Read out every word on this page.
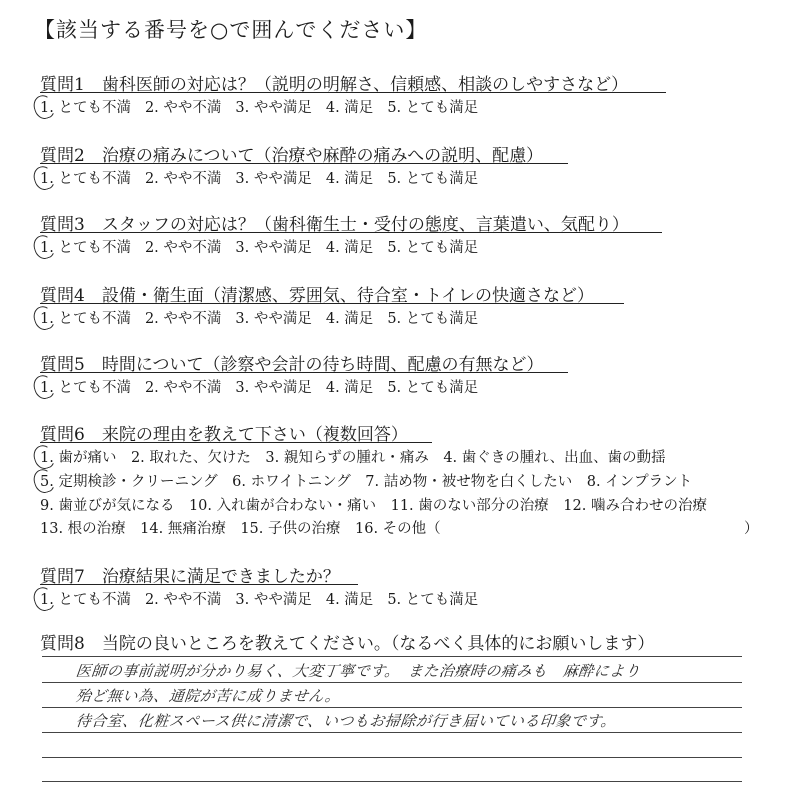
【該当する番号を○で囲んでください】
質問1　歯科医師の対応は？（説明の明解さ、信頼感、相談のしやすさなど）
1. とても不満 2. やや不満 3. やや満足 4. 満足 5. とても満足
質問2　治療の痛みについて（治療や麻酔の痛みへの説明、配慮）
1. とても不満 2. やや不満 3. やや満足 4. 満足 5. とても満足
質問3　スタッフの対応は？（歯科衛生士・受付の態度、言葉遣い、気配り）
1. とても不満 2. やや不満 3. やや満足 4. 満足 5. とても満足
質問4　設備・衛生面（清潔感、雰囲気、待合室・トイレの快適さなど）
1. とても不満 2. やや不満 3. やや満足 4. 満足 5. とても満足
質問5　時間について（診察や会計の待ち時間、配慮の有無など）
1. とても不満 2. やや不満 3. やや満足 4. 満足 5. とても満足
質問6　来院の理由を教えて下さい（複数回答）
1. 歯が痛い　2. 取れた、欠けた　3. 親知らずの腫れ・痛み　4. 歯ぐきの腫れ、出血、歯の動揺
5. 定期検診・クリーニング　6. ホワイトニング　7. 詰め物・被せ物を白くしたい　8. インプラント
9. 歯並びが気になる　10. 入れ歯が合わない・痛い　11. 歯のない部分の治療　12. 噛み合わせの治療
13. 根の治療　14. 無痛治療　15. 子供の治療　16. その他（	）
質問7　治療結果に満足できましたか？
1. とても不満 2. やや不満 3. やや満足 4. 満足 5. とても満足
質問8　当院の良いところを教えてください。（なるべく具体的にお願いします）
医師の事前説明が分かり易く、大変丁寧です。　また治療時の痛みも　麻酔により
殆ど無い為、通院が苦に成りません。
待合室、化粧スペース供に清潔で、いつもお掃除が行き届いている印象です。
